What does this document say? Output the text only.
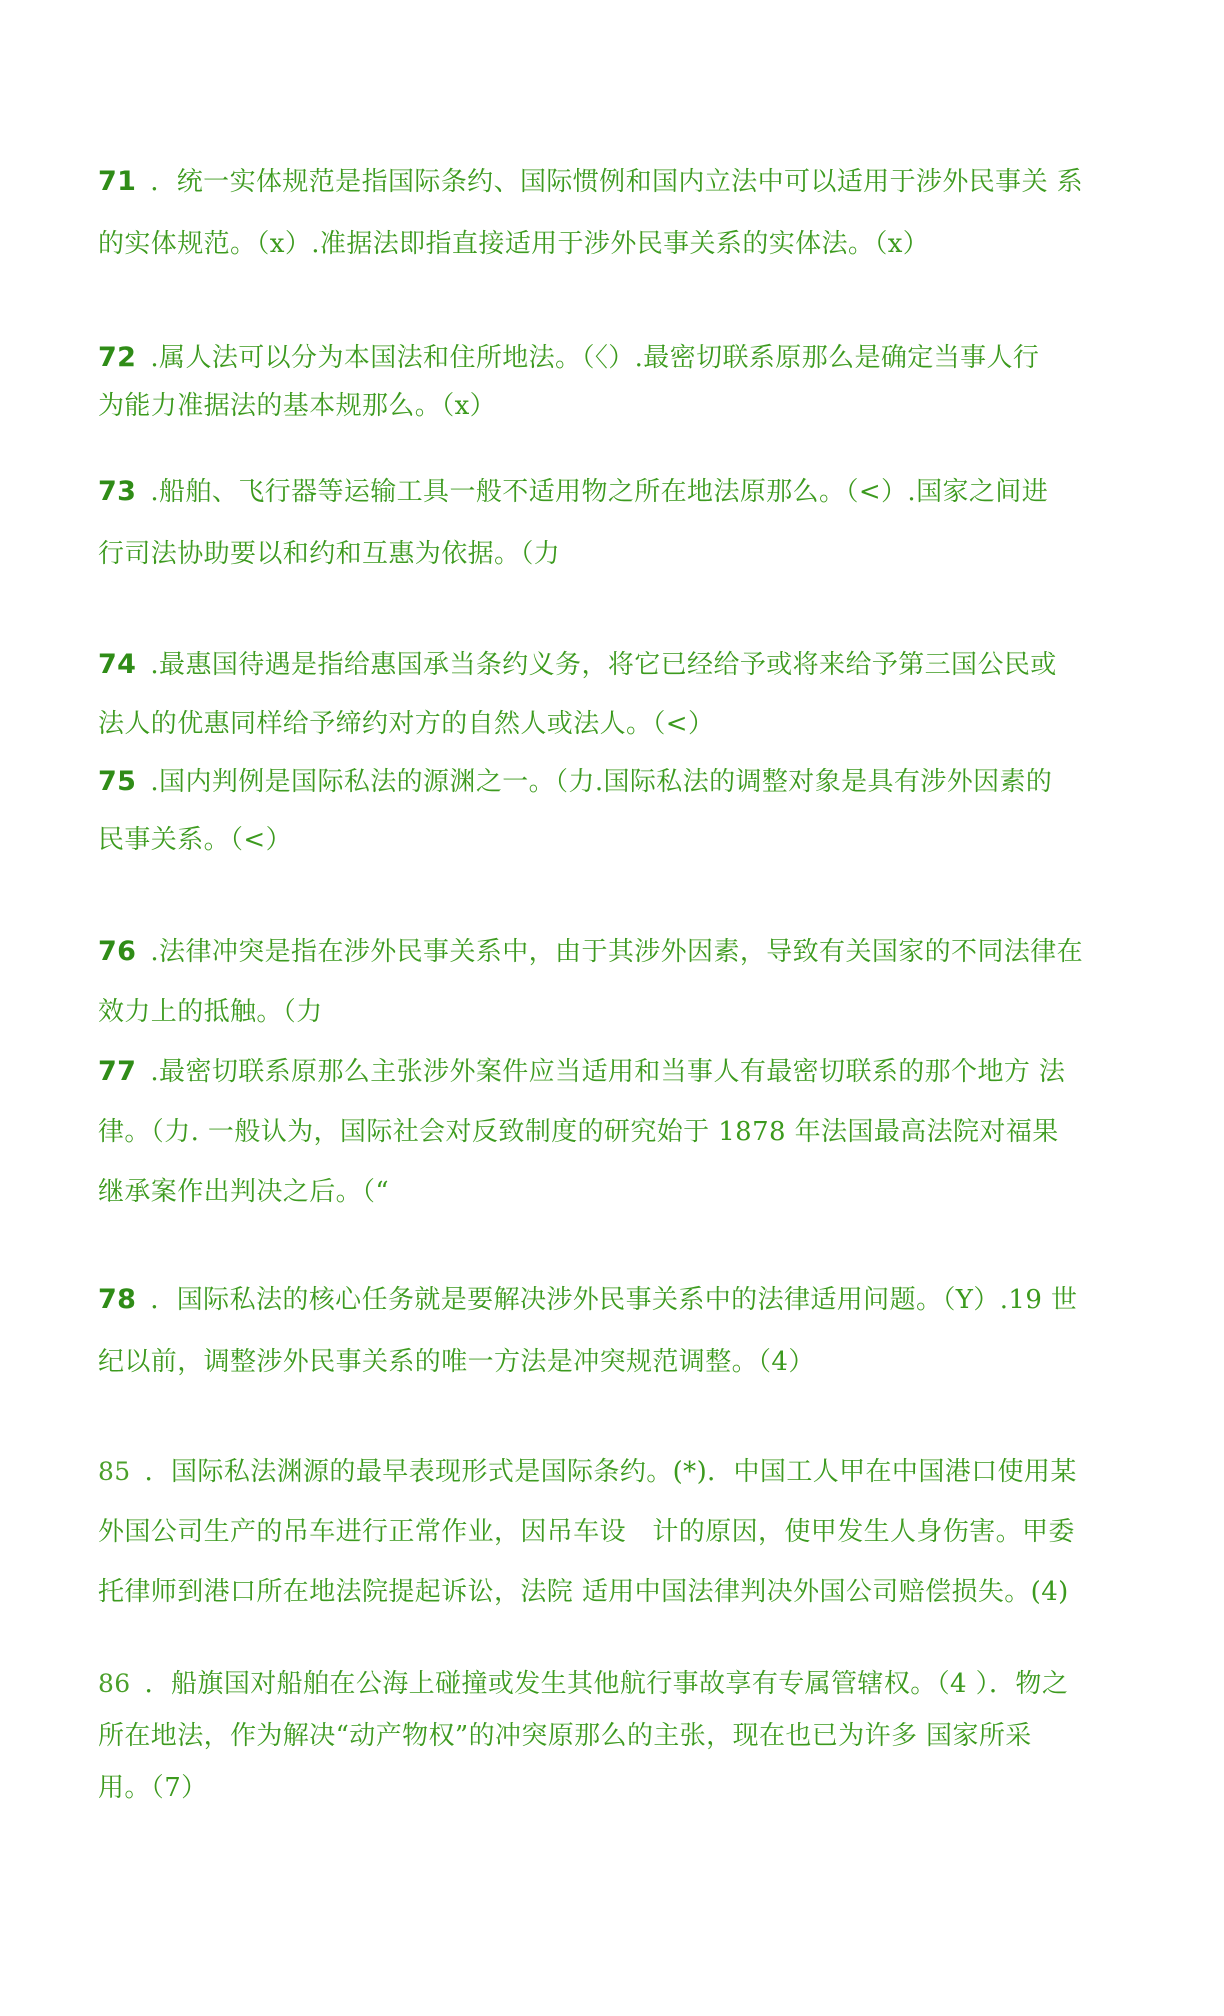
71 ．统一实体规范是指国际条约、国际惯例和国内立法中可以适用于涉外民事关 系
的实体规范。（x）.准据法即指直接适用于涉外民事关系的实体法。（x）
72 .属人法可以分为本国法和住所地法。（〈）.最密切联系原那么是确定当事人行
为能力准据法的基本规那么。（x）
73 .船舶、飞行器等运输工具一般不适用物之所在地法原那么。（<）.国家之间进
行司法协助要以和约和互惠为依据。（力
74 .最惠国待遇是指给惠国承当条约义务，将它已经给予或将来给予第三国公民或
法人的优惠同样给予缔约对方的自然人或法人。（<）
75 .国内判例是国际私法的源渊之一。（力.国际私法的调整对象是具有涉外因素的
民事关系。（<）
76 .法律冲突是指在涉外民事关系中，由于其涉外因素，导致有关国家的不同法律在
效力上的抵触。（力
77 .最密切联系原那么主张涉外案件应当适用和当事人有最密切联系的那个地方 法
律。（力. 一般认为，国际社会对反致制度的研究始于 1878 年法国最高法院对福果
继承案作出判决之后。（“
78 ．国际私法的核心任务就是要解决涉外民事关系中的法律适用问题。（Y）.19 世
纪以前，调整涉外民事关系的唯一方法是冲突规范调整。（4）
85 ．国际私法渊源的最早表现形式是国际条约。(*)．中国工人甲在中国港口使用某
外国公司生产的吊车进行正常作业，因吊车设　计的原因，使甲发生人身伤害。甲委
托律师到港口所在地法院提起诉讼，法院 适用中国法律判决外国公司赔偿损失。(4)
86 ．船旗国对船舶在公海上碰撞或发生其他航行事故享有专属管辖权。（4 ）．物之
所在地法，作为解决“动产物权”的冲突原那么的主张，现在也已为许多 国家所采
用。（7）
